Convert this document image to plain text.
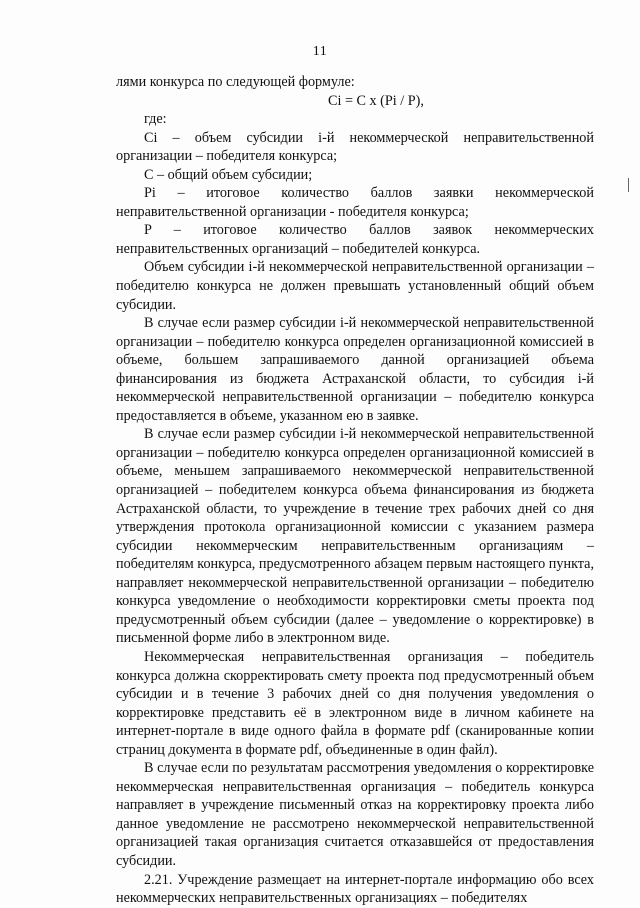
11

лями конкурса по следующей формуле:

Ci = C x (Pi / P),

где:

Ci – объем субсидии i-й некоммерческой неправительственной организации – победителя конкурса;

С – общий объем субсидии;

Pi – итоговое количество баллов заявки некоммерческой неправительственной организации - победителя конкурса;

P – итоговое количество баллов заявок некоммерческих неправительственных организаций – победителей конкурса.

Объем субсидии i-й некоммерческой неправительственной организации – победителю конкурса не должен превышать установленный общий объем субсидии.

В случае если размер субсидии i-й некоммерческой неправительственной организации – победителю конкурса определен организационной комиссией в объеме, большем запрашиваемого данной организацией объема финансирования из бюджета Астраханской области, то субсидия i-й некоммерческой неправительственной организации – победителю конкурса предоставляется в объеме, указанном ею в заявке.

В случае если размер субсидии i-й некоммерческой неправительственной организации – победителю конкурса определен организационной комиссией в объеме, меньшем запрашиваемого некоммерческой неправительственной организацией – победителем конкурса объема финансирования из бюджета Астраханской области, то учреждение в течение трех рабочих дней со дня утверждения протокола организационной комиссии с указанием размера субсидии некоммерческим неправительственным организациям – победителям конкурса, предусмотренного абзацем первым настоящего пункта, направляет некоммерческой неправительственной организации – победителю конкурса уведомление о необходимости корректировки сметы проекта под предусмотренный объем субсидии (далее – уведомление о корректировке) в письменной форме либо в электронном виде.

Некоммерческая неправительственная организация – победитель конкурса должна скорректировать смету проекта под предусмотренный объем субсидии и в течение 3 рабочих дней со дня получения уведомления о корректировке представить её в электронном виде в личном кабинете на интернет-портале в виде одного файла в формате pdf (сканированные копии страниц документа в формате pdf, объединенные в один файл).

В случае если по результатам рассмотрения уведомления о корректировке некоммерческая неправительственная организация – победитель конкурса направляет в учреждение письменный отказ на корректировку проекта либо данное уведомление не рассмотрено некоммерческой неправительственной организацией такая организация считается отказавшейся от предоставления субсидии.

2.21. Учреждение размещает на интернет-портале информацию обо всех некоммерческих неправительственных организациях – победителях
